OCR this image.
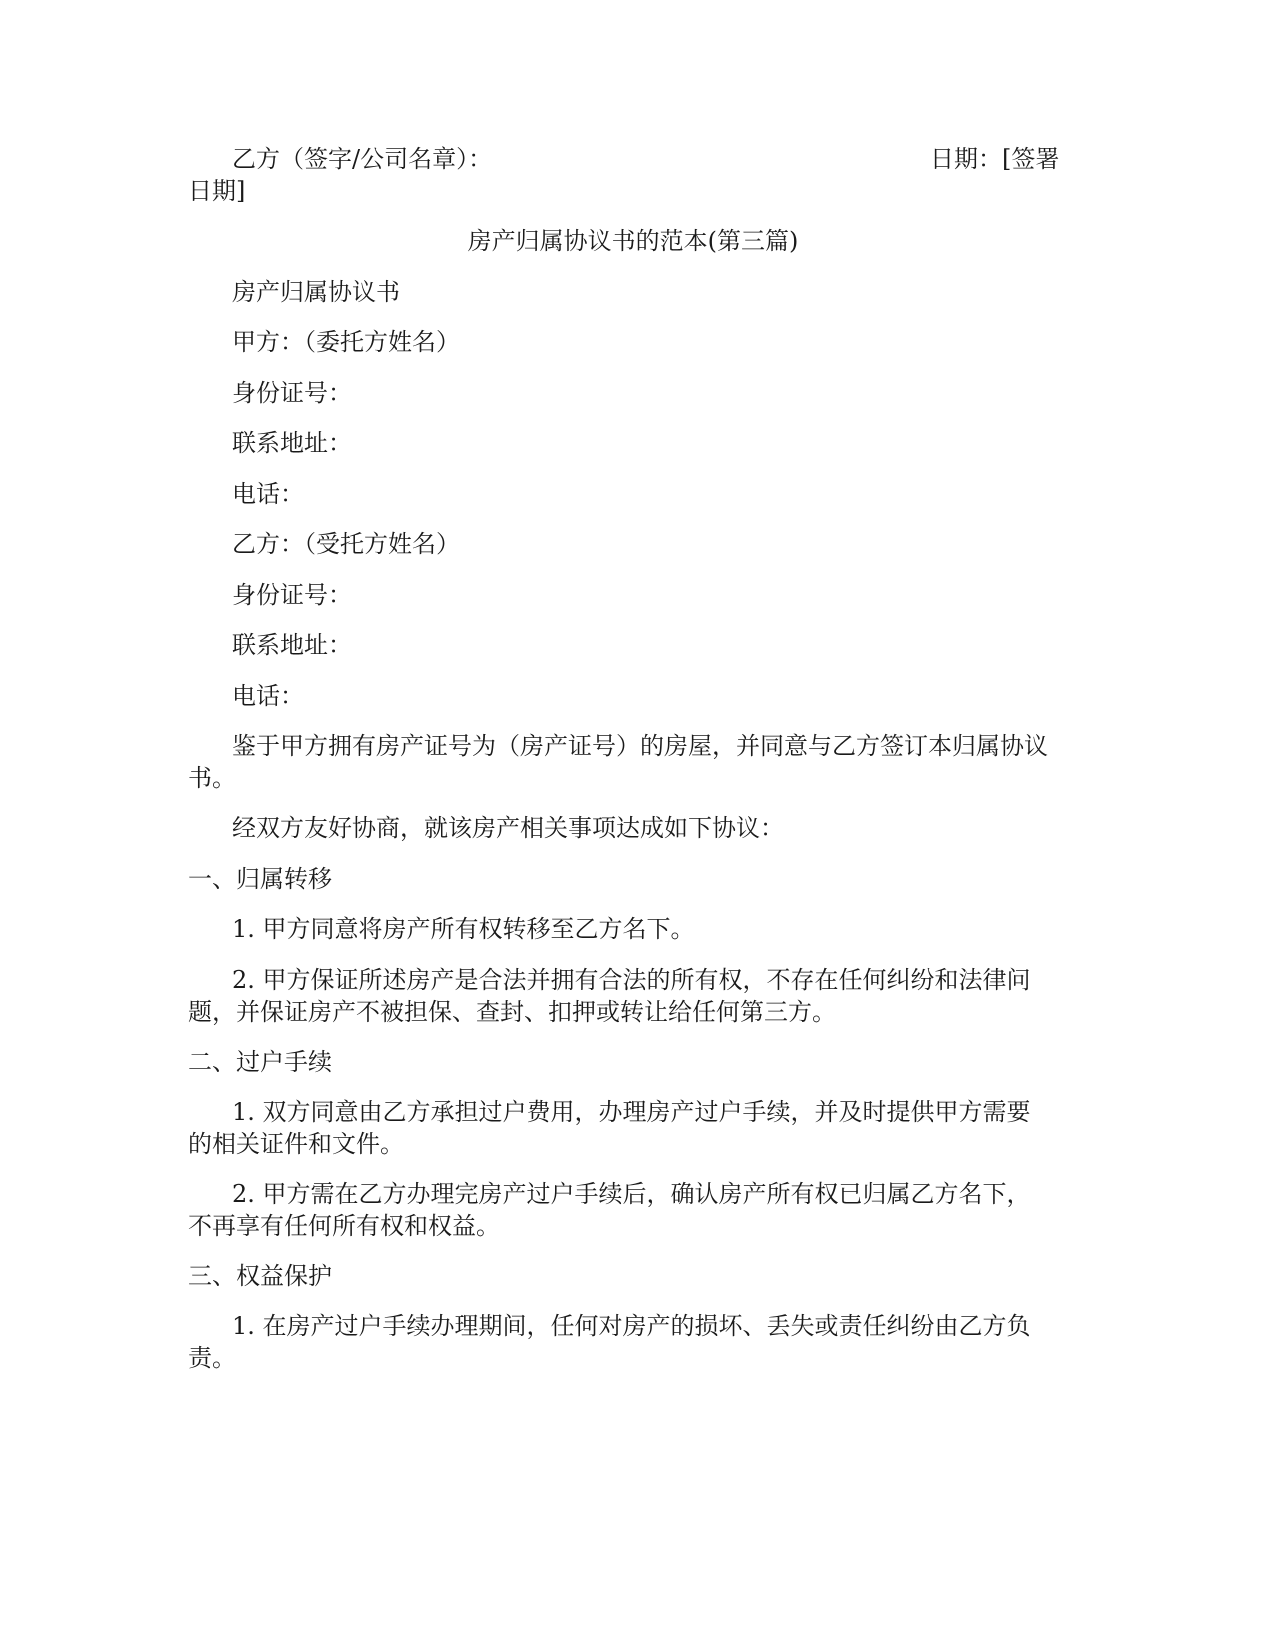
乙方（签字/公司名章）：	日期：[签署
日期]
房产归属协议书的范本(第三篇)
房产归属协议书
甲方：（委托方姓名）
身份证号：
联系地址：
电话：
乙方：（受托方姓名）
身份证号：
联系地址：
电话：
鉴于甲方拥有房产证号为（房产证号）的房屋，并同意与乙方签订本归属协议
书。
经双方友好协商，就该房产相关事项达成如下协议：
一、归属转移
1. 甲方同意将房产所有权转移至乙方名下。
2. 甲方保证所述房产是合法并拥有合法的所有权，不存在任何纠纷和法律问
题，并保证房产不被担保、查封、扣押或转让给任何第三方。
二、过户手续
1. 双方同意由乙方承担过户费用，办理房产过户手续，并及时提供甲方需要
的相关证件和文件。
2. 甲方需在乙方办理完房产过户手续后，确认房产所有权已归属乙方名下，
不再享有任何所有权和权益。
三、权益保护
1. 在房产过户手续办理期间，任何对房产的损坏、丢失或责任纠纷由乙方负
责。
